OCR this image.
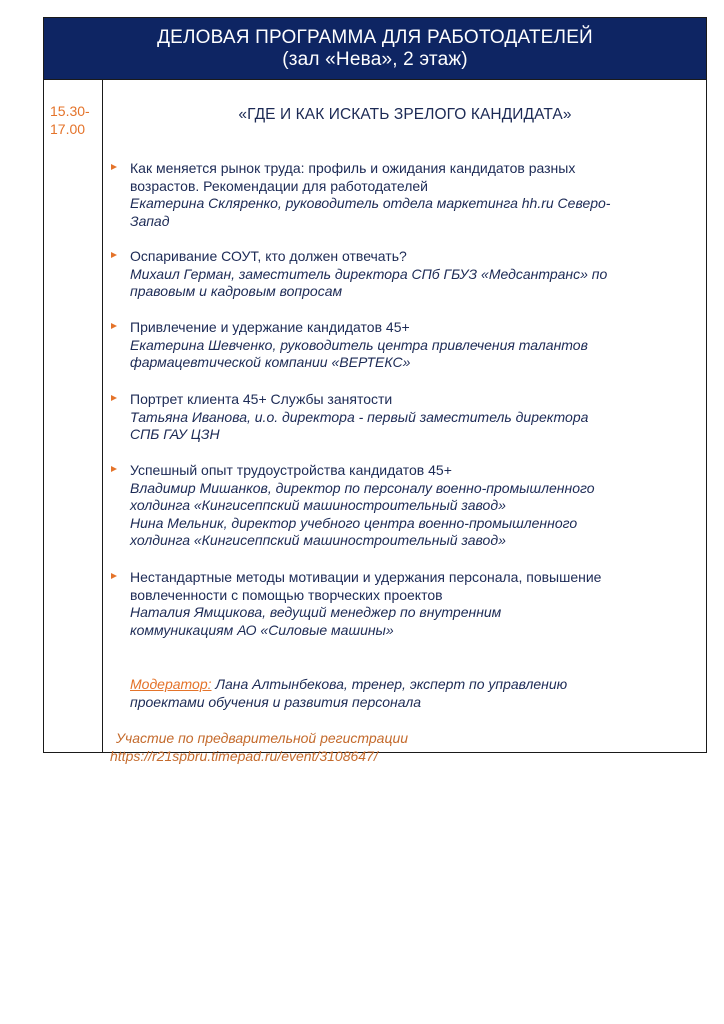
ДЕЛОВАЯ ПРОГРАММА ДЛЯ РАБОТОДАТЕЛЕЙ
(зал «Нева», 2 этаж)
15.30-
17.00
«ГДЕ И КАК ИСКАТЬ ЗРЕЛОГО КАНДИДАТА»
Как меняется рынок труда: профиль и ожидания кандидатов разных
возрастов. Рекомендации для работодателей
Екатерина Скляренко, руководитель отдела маркетинга hh.ru Северо-
Запад
Оспаривание СОУТ, кто должен отвечать?
Михаил Герман, заместитель директора СПб ГБУЗ «Медсантранс» по
правовым и кадровым вопросам
Привлечение и удержание кандидатов 45+
Екатерина Шевченко, руководитель центра привлечения талантов
фармацевтической компании «ВЕРТЕКС»
Портрет клиента 45+ Службы занятости
Татьяна Иванова, и.о. директора - первый заместитель директора
СПБ ГАУ ЦЗН
Успешный опыт трудоустройства кандидатов 45+
Владимир Мишанков, директор по персоналу военно-промышленного
холдинга «Кингисеппский машиностроительный завод»
Нина Мельник, директор учебного центра военно-промышленного
холдинга «Кингисеппский машиностроительный завод»
Нестандартные методы мотивации и удержания персонала, повышение
вовлеченности с помощью творческих проектов
Наталия Ямщикова, ведущий менеджер по внутренним
коммуникациям АО «Силовые машины»
Модератор: Лана Алтынбекова, тренер, эксперт по управлению
проектами обучения и развития персонала
Участие по предварительной регистрации
https://r21spbru.timepad.ru/event/3108647/
